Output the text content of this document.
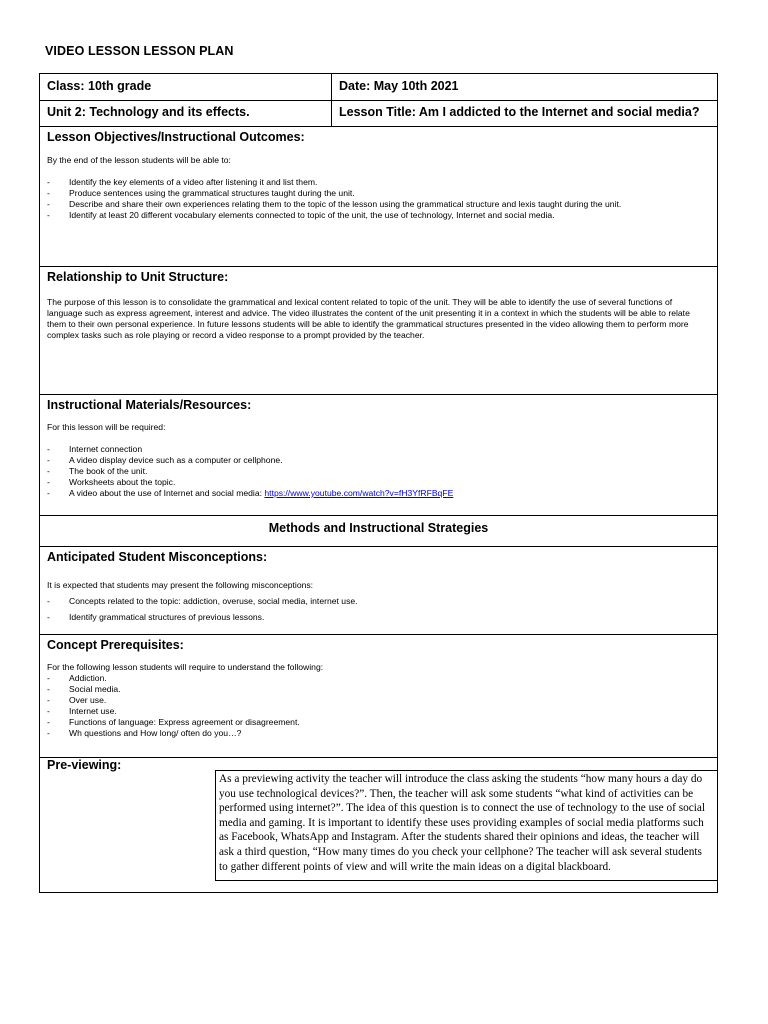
VIDEO LESSON LESSON PLAN
Class: 10th grade	Date: May 10th 2021
Unit 2: Technology and its effects.	Lesson Title: Am I addicted to the Internet and social media?
Lesson Objectives/Instructional Outcomes:
By the end of the lesson students will be able to:
- Identify the key elements of a video after listening it and list them.
- Produce sentences using the grammatical structures taught during the unit.
- Describe and share their own experiences relating them to the topic of the lesson using the grammatical structure and lexis taught during the unit.
- Identify at least 20 different vocabulary elements connected to topic of the unit, the use of technology, Internet and social media.
Relationship to Unit Structure:
The purpose of this lesson is to consolidate the grammatical and lexical content related to topic of the unit. They will be able to identify the use of several functions of language such as express agreement, interest and advice. The video illustrates the content of the unit presenting it in a context in which the students will be able to relate them to their own personal experience. In future lessons students will be able to identify the grammatical structures presented in the video allowing them to perform more complex tasks such as role playing or record a video response to a prompt provided by the teacher.
Instructional Materials/Resources:
For this lesson will be required:
- Internet connection
- A video display device such as a computer or cellphone.
- The book of the unit.
- Worksheets about the topic.
- A video about the use of Internet and social media: https://www.youtube.com/watch?v=fH3YfRFBqFE
Methods and Instructional Strategies
Anticipated Student Misconceptions:
It is expected that students may present the following misconceptions:
- Concepts related to the topic: addiction, overuse, social media, internet use.
- Identify grammatical structures of previous lessons.
Concept Prerequisites:
For the following lesson students will require to understand the following:
- Addiction.
- Social media.
- Over use.
- Internet use.
- Functions of language: Express agreement or disagreement.
- Wh questions and How long/ often do you…?
Pre-viewing:
As a previewing activity the teacher will introduce the class asking the students “how many hours a day do you use technological devices?”. Then, the teacher will ask some students “what kind of activities can be performed using internet?”. The idea of this question is to connect the use of technology to the use of social media and gaming. It is important to identify these uses providing examples of social media platforms such as Facebook, WhatsApp and Instagram. After the students shared their opinions and ideas, the teacher will ask a third question, “How many times do you check your cellphone? The teacher will ask several students to gather different points of view and will write the main ideas on a digital blackboard.
